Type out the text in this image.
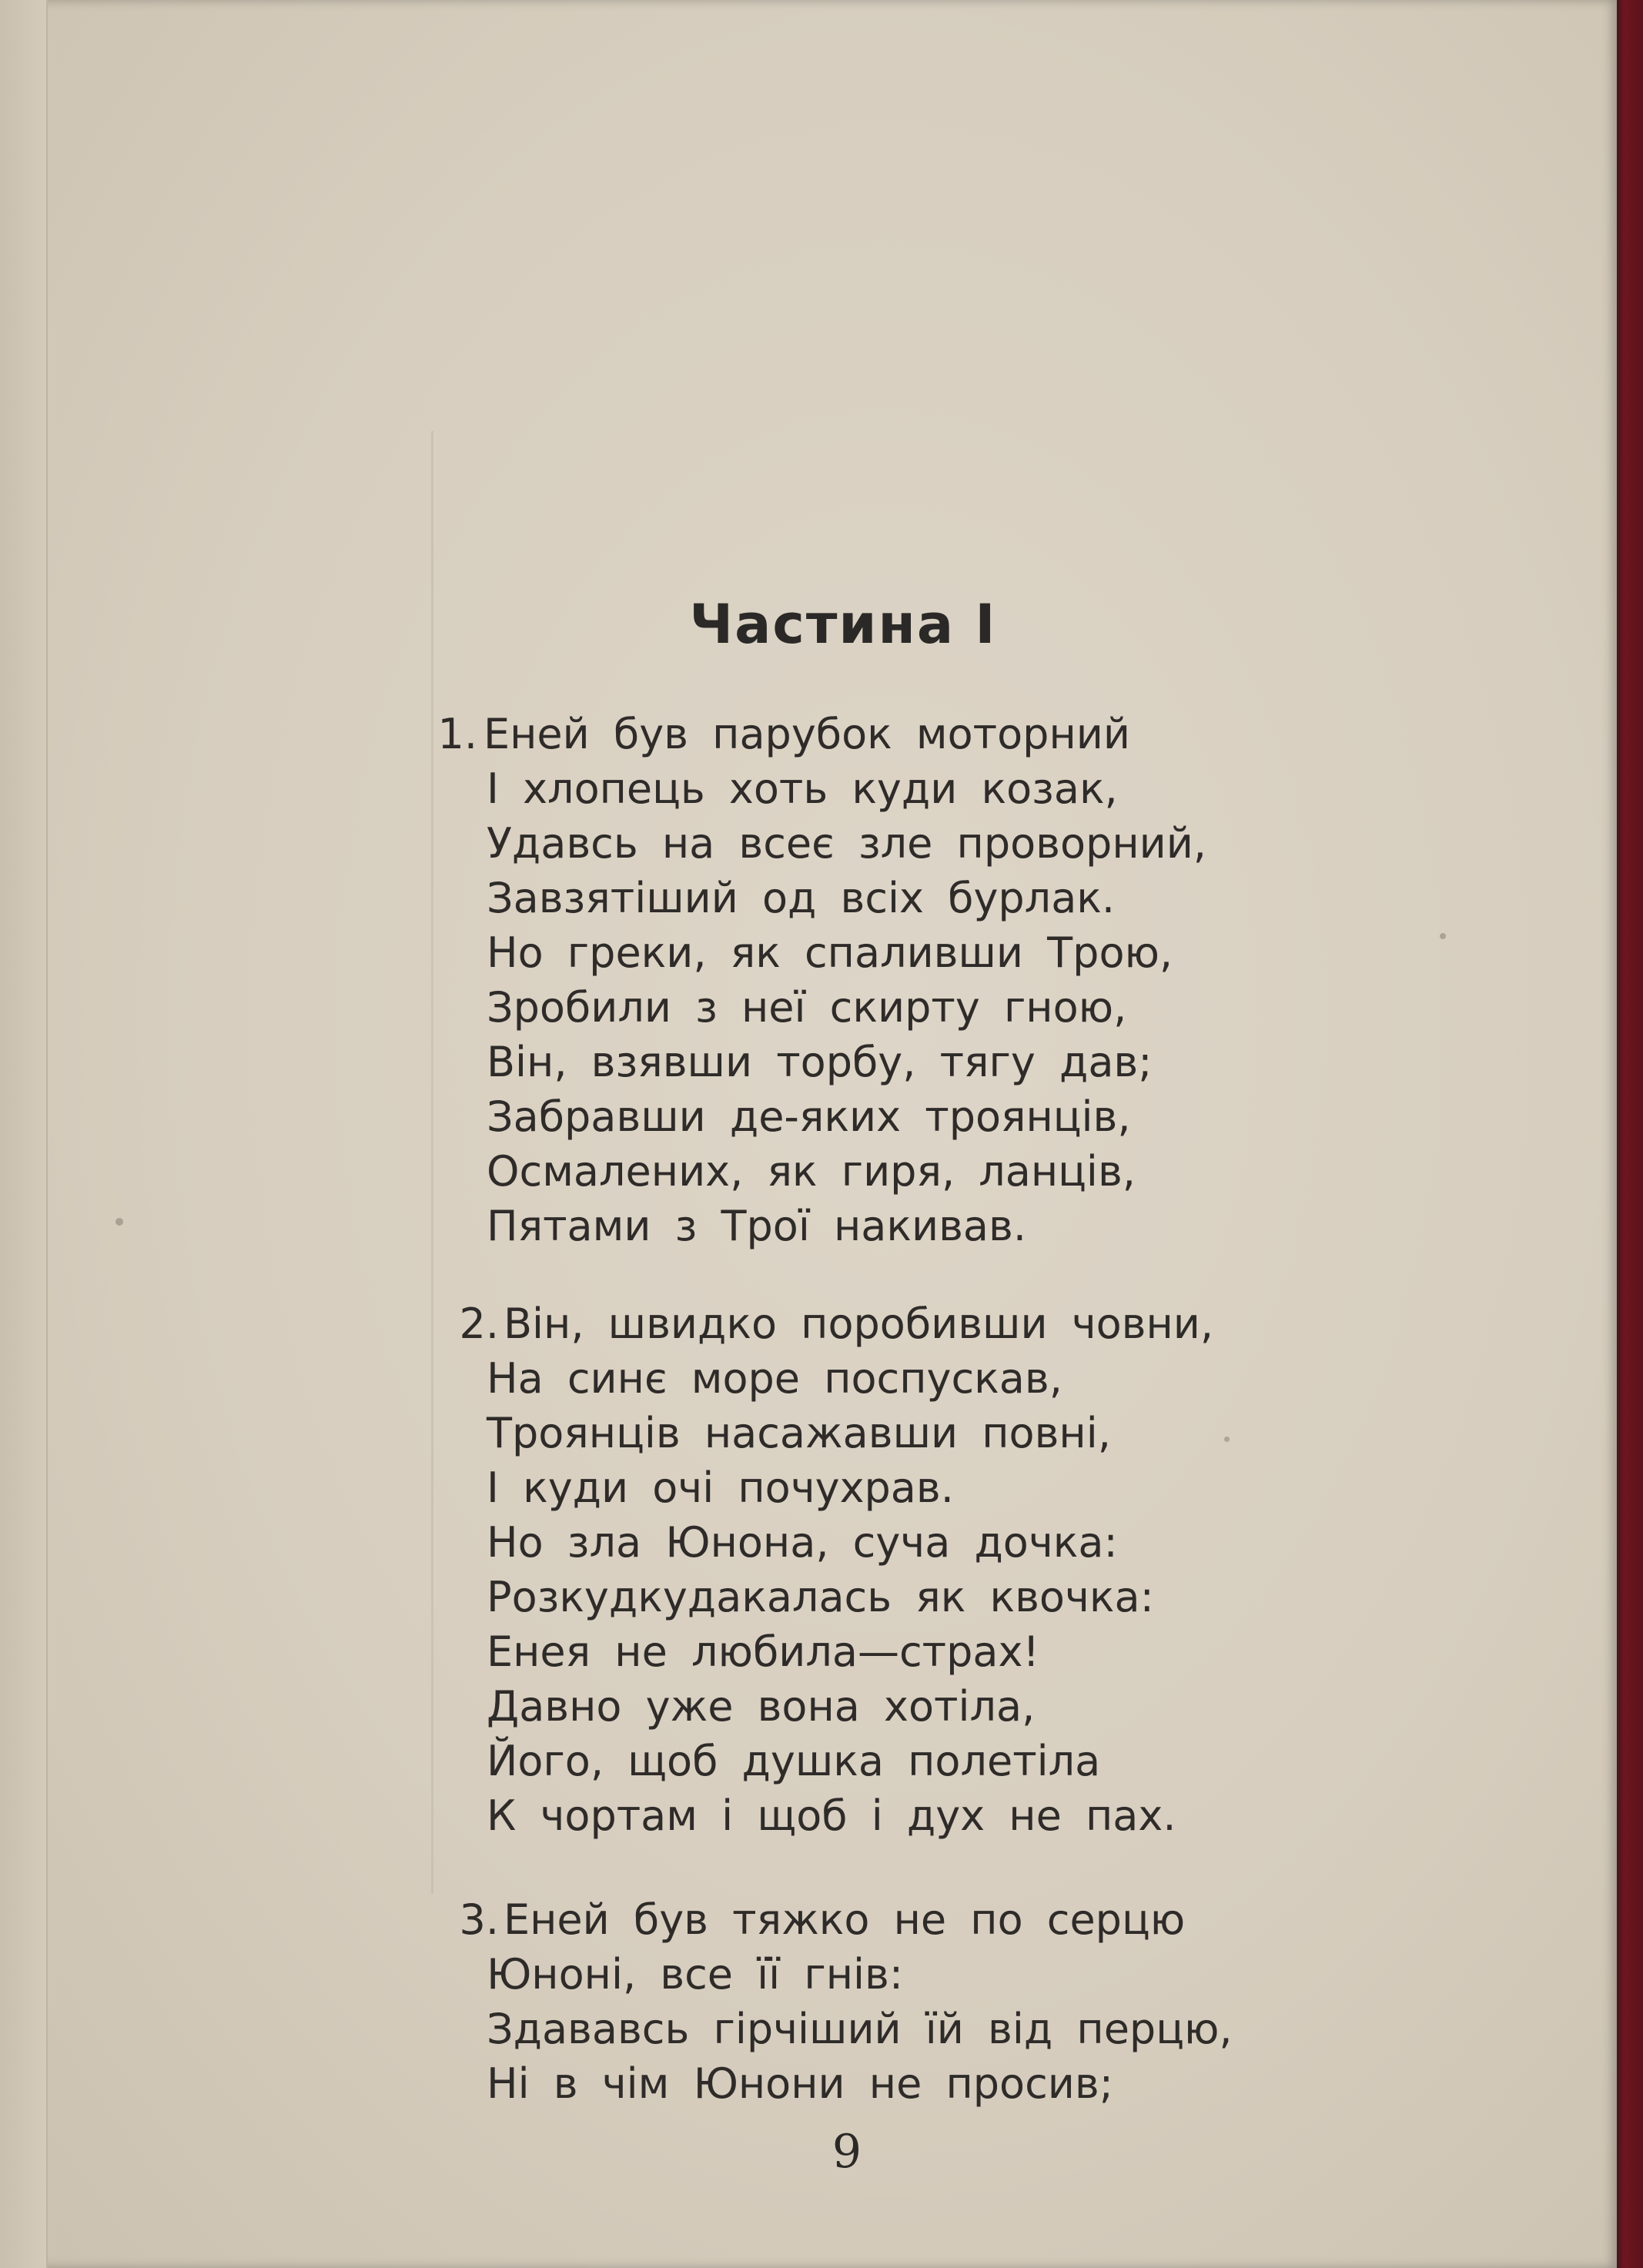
Частина І
1. Еней був парубок моторний
І хлопець хоть куди козак,
Удавсь на всеє зле проворний,
Завзятіший од всіх бурлак.
Но греки, як спаливши Трою,
Зробили з неї скирту гною,
Він, взявши торбу, тягу дав;
Забравши де-яких троянців,
Осмалених, як гиря, ланців,
Пятами з Трої накивав.
2. Він, швидко поробивши човни,
На синє море поспускав,
Троянців насажавши повні,
І куди очі почухрав.
Но зла Юнона, суча дочка:
Розкудкудакалась як квочка:
Енея не любила—страх!
Давно уже вона хотіла,
Його, щоб душка полетіла
К чортам і щоб і дух не пах.
3. Еней був тяжко не по серцю
Юноні, все її гнів:
Здававсь гірчіший їй від перцю,
Ні в чім Юнони не просив;
9
